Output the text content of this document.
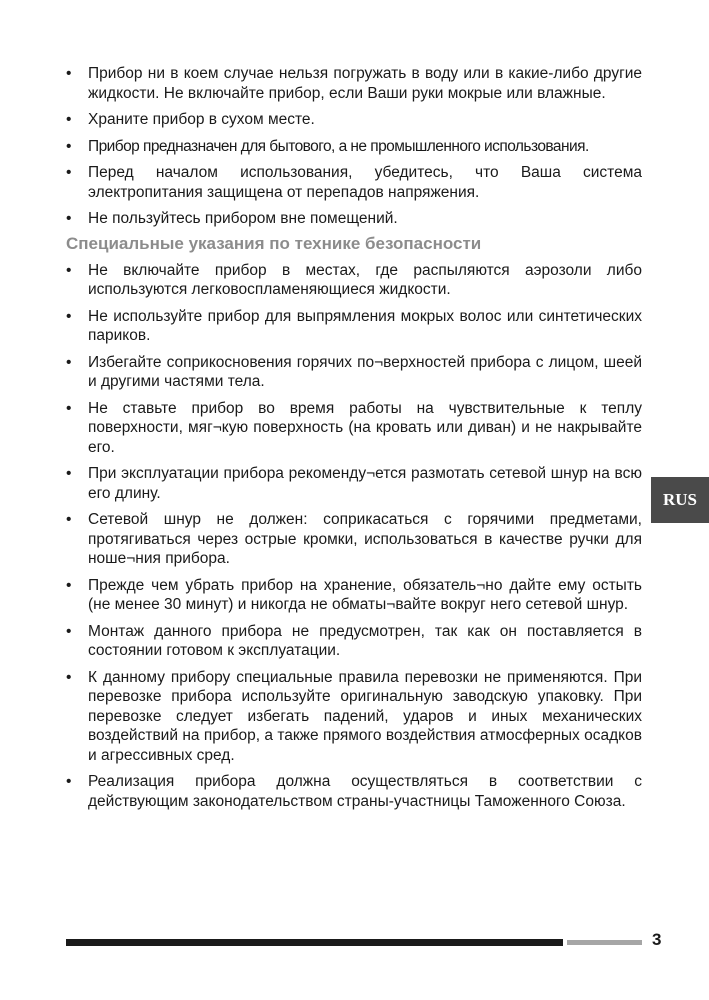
•	Прибор ни в коем случае нельзя погружать в воду или в какие-либо другие жидкости. Не включайте прибор, если Ваши руки мокрые или влажные.
•	Храните прибор в сухом месте.
•	Прибор предназначен для бытового, а не промышленного использования.
•	Перед началом использования, убедитесь, что Ваша система электропитания защищена от перепадов напряжения.
•	Не пользуйтесь прибором вне помещений.
Специальные указания по технике безопасности
•	Не включайте прибор в местах, где распыляются аэрозоли либо используются легковоспламеняющиеся жидкости.
•	Не используйте прибор для выпрямления мокрых волос или синтетических париков.
•	Избегайте соприкосновения горячих по¬верхностей прибора с лицом, шеей и другими частями тела.
•	Не ставьте прибор во время работы на чувствительные к теплу поверхности, мяг¬кую поверхность (на кровать или диван) и не накрывайте его.
•	При эксплуатации прибора рекоменду¬ется размотать сетевой шнур на всю его длину.
•	Сетевой шнур не должен: соприкасаться с горячими предметами, протягиваться через острые кромки, использоваться в качестве ручки для ноше¬ния прибора.
•	Прежде чем убрать прибор на хранение, обязатель¬но дайте ему остыть (не менее 30 минут) и никогда не обматы¬вайте вокруг него сетевой шнур.
•	Монтаж данного прибора не предусмотрен, так как он поставляется в состоянии готовом к эксплуатации.
•	К данному прибору специальные правила перевозки не применяются. При перевозке прибора используйте оригинальную заводскую упаковку. При перевозке следует избегать падений, ударов и иных механических воздействий на прибор, а также прямого воздействия атмосферных осадков и агрессивных сред.
•	Реализация прибора должна осуществляться в соответствии с действующим законодательством страны-участницы Таможенного Союза.
RUS
3
